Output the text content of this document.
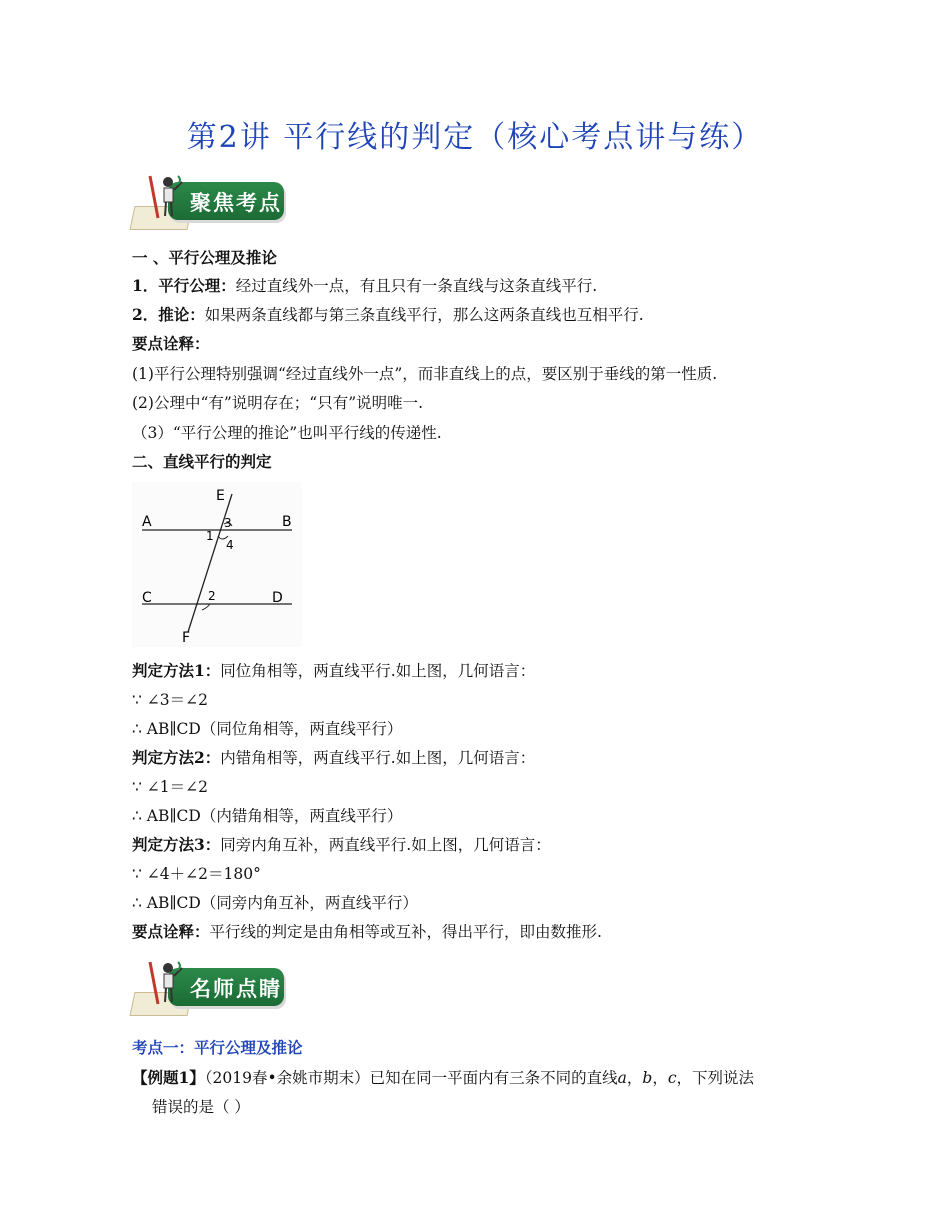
第2讲 平行线的判定（核心考点讲与练）
聚焦考点
一 、平行公理及推论
1．平行公理：经过直线外一点，有且只有一条直线与这条直线平行.
2．推论：如果两条直线都与第三条直线平行，那么这两条直线也互相平行.
要点诠释：
(1)平行公理特别强调“经过直线外一点”，而非直线上的点，要区别于垂线的第一性质.
(2)公理中“有”说明存在；“只有”说明唯一.
（3）“平行公理的推论”也叫平行线的传递性.
二、直线平行的判定
E
A	B
C	D
F
1
2
3
4
判定方法1：同位角相等，两直线平行.如上图，几何语言：
∵ ∠3＝∠2
∴ AB∥CD（同位角相等，两直线平行）
判定方法2：内错角相等，两直线平行.如上图，几何语言：
∵ ∠1＝∠2
∴ AB∥CD（内错角相等，两直线平行）
判定方法3：同旁内角互补，两直线平行.如上图，几何语言：
∵ ∠4＋∠2＝180°
∴ AB∥CD（同旁内角互补，两直线平行）
要点诠释：平行线的判定是由角相等或互补，得出平行，即由数推形.
名师点睛
考点一：平行公理及推论
【例题1】（2019春•余姚市期末）已知在同一平面内有三条不同的直线a，b，c，下列说法
错误的是（ ）
